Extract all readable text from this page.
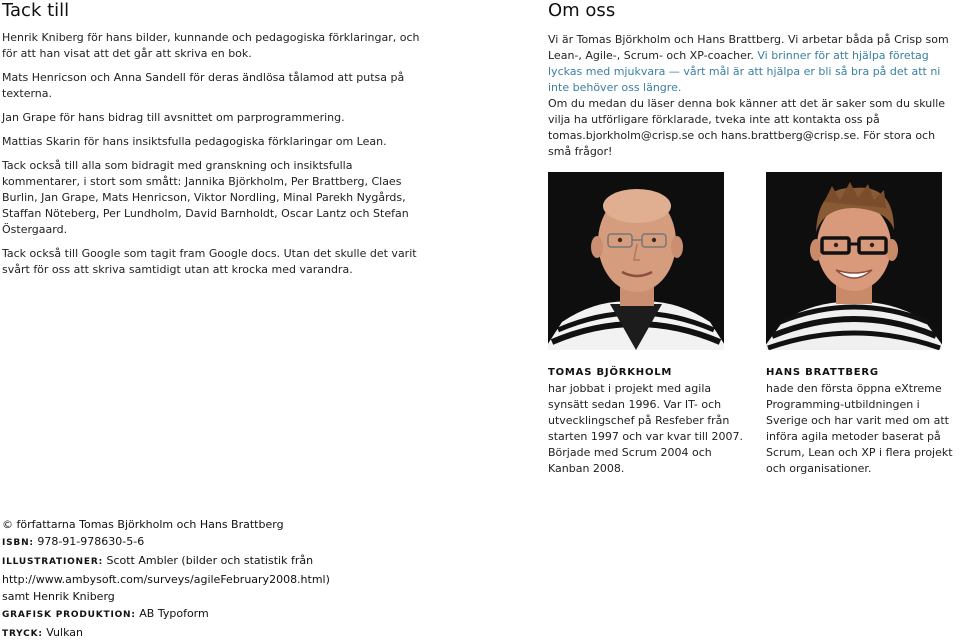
Tack till

Henrik Kniberg för hans bilder, kunnande och pedagogiska förklaringar, och för att han visat att det går att skriva en bok.

Mats Henricson och Anna Sandell för deras ändlösa tålamod att putsa på texterna.

Jan Grape för hans bidrag till avsnittet om parprogrammering.

Mattias Skarin för hans insiktsfulla pedagogiska förklaringar om Lean.

Tack också till alla som bidragit med granskning och insiktsfulla kommentarer, i stort som smått: Jannika Björkholm, Per Brattberg, Claes Burlin, Jan Grape, Mats Henricson, Viktor Nordling, Minal Parekh Nygårds, Staffan Nöteberg, Per Lundholm, David Barnholdt, Oscar Lantz och Stefan Östergaard.

Tack också till Google som tagit fram Google docs. Utan det skulle det varit svårt för oss att skriva samtidigt utan att krocka med varandra.

Om oss

Vi är Tomas Björkholm och Hans Brattberg. Vi arbetar båda på Crisp som Lean-, Agile-, Scrum- och XP-coacher. Vi brinner för att hjälpa företag lyckas med mjukvara — vårt mål är att hjälpa er bli så bra på det att ni inte behöver oss längre.

Om du medan du läser denna bok känner att det är saker som du skulle vilja ha utförligare förklarade, tveka inte att kontakta oss på tomas.bjorkholm@crisp.se och hans.brattberg@crisp.se. För stora och små frågor!

TOMAS BJÖRKHOLM
har jobbat i projekt med agila synsätt sedan 1996. Var IT- och utvecklingschef på Resfeber från starten 1997 och var kvar till 2007. Började med Scrum 2004 och Kanban 2008.
HANS BRATTBERG
hade den första öppna eXtreme Programming-utbildningen i Sverige och har varit med om att införa agila metoder baserat på Scrum, Lean och XP i flera projekt och organisationer.
© författarna Tomas Björkholm och Hans Brattberg
ISBN: 978-91-978630-5-6
ILLUSTRATIONER: Scott Ambler (bilder och statistik från
http://www.ambysoft.com/surveys/agileFebruary2008.html)
samt Henrik Kniberg
GRAFISK PRODUKTION: AB Typoform
TRYCK: Vulkan
